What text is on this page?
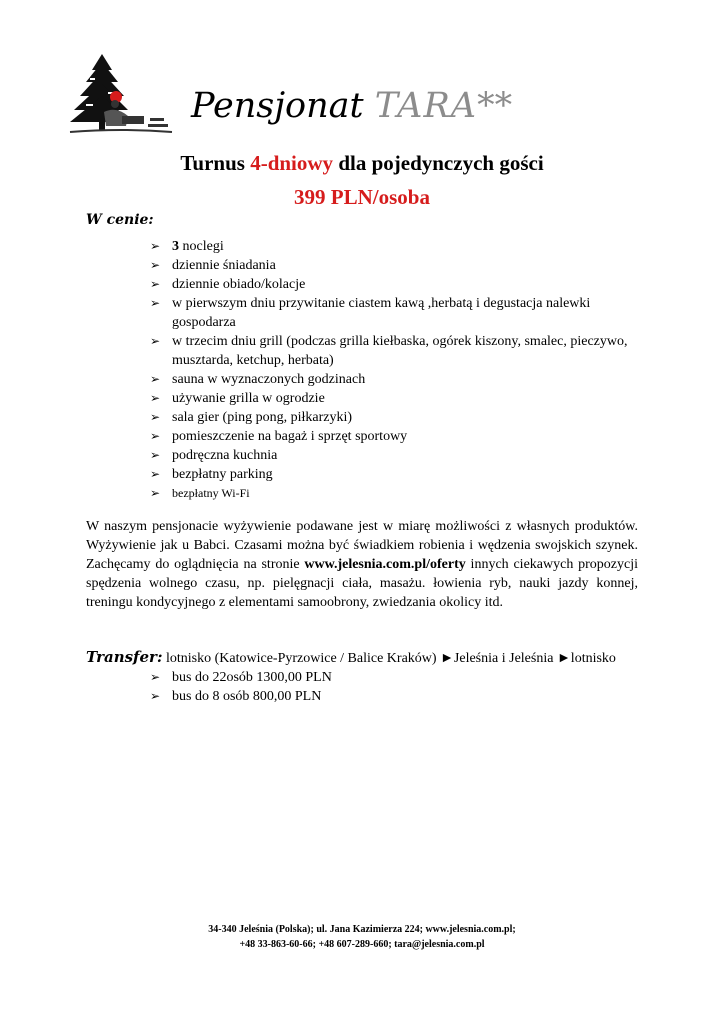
Pensjonat TARA**
Turnus 4-dniowy dla pojedynczych gości
399 PLN/osoba
W cenie:
➢ 3 noclegi
➢ dziennie śniadania
➢ dziennie obiado/kolacje
➢ w pierwszym dniu przywitanie ciastem kawą ,herbatą i degustacja nalewki gospodarza
➢ w trzecim dniu grill (podczas grilla kiełbaska, ogórek kiszony, smalec, pieczywo, musztarda, ketchup, herbata)
➢ sauna w wyznaczonych godzinach
➢ używanie grilla w ogrodzie
➢ sala gier (ping pong, piłkarzyki)
➢ pomieszczenie na bagaż i sprzęt sportowy
➢ podręczna kuchnia
➢ bezpłatny parking
➢ bezpłatny Wi-Fi

W naszym pensjonacie wyżywienie podawane jest w miarę możliwości z własnych produktów. Wyżywienie jak u Babci. Czasami można być świadkiem robienia i wędzenia swojskich szynek. Zachęcamy do oglądnięcia na stronie www.jelesnia.com.pl/oferty innych ciekawych propozycji spędzenia wolnego czasu, np. pielęgnacji ciała, masażu. łowienia ryb, nauki jazdy konnej, treningu kondycyjnego z elementami samoobrony, zwiedzania okolicy itd.

Transfer: lotnisko (Katowice-Pyrzowice / Balice Kraków) ►Jeleśnia i Jeleśnia ►lotnisko
➢ bus do 22osób 1300,00 PLN
➢ bus do 8 osób 800,00 PLN
34-340 Jeleśnia (Polska); ul. Jana Kazimierza 224; www.jelesnia.com.pl;
+48 33-863-60-66; +48 607-289-660; tara@jelesnia.com.pl
